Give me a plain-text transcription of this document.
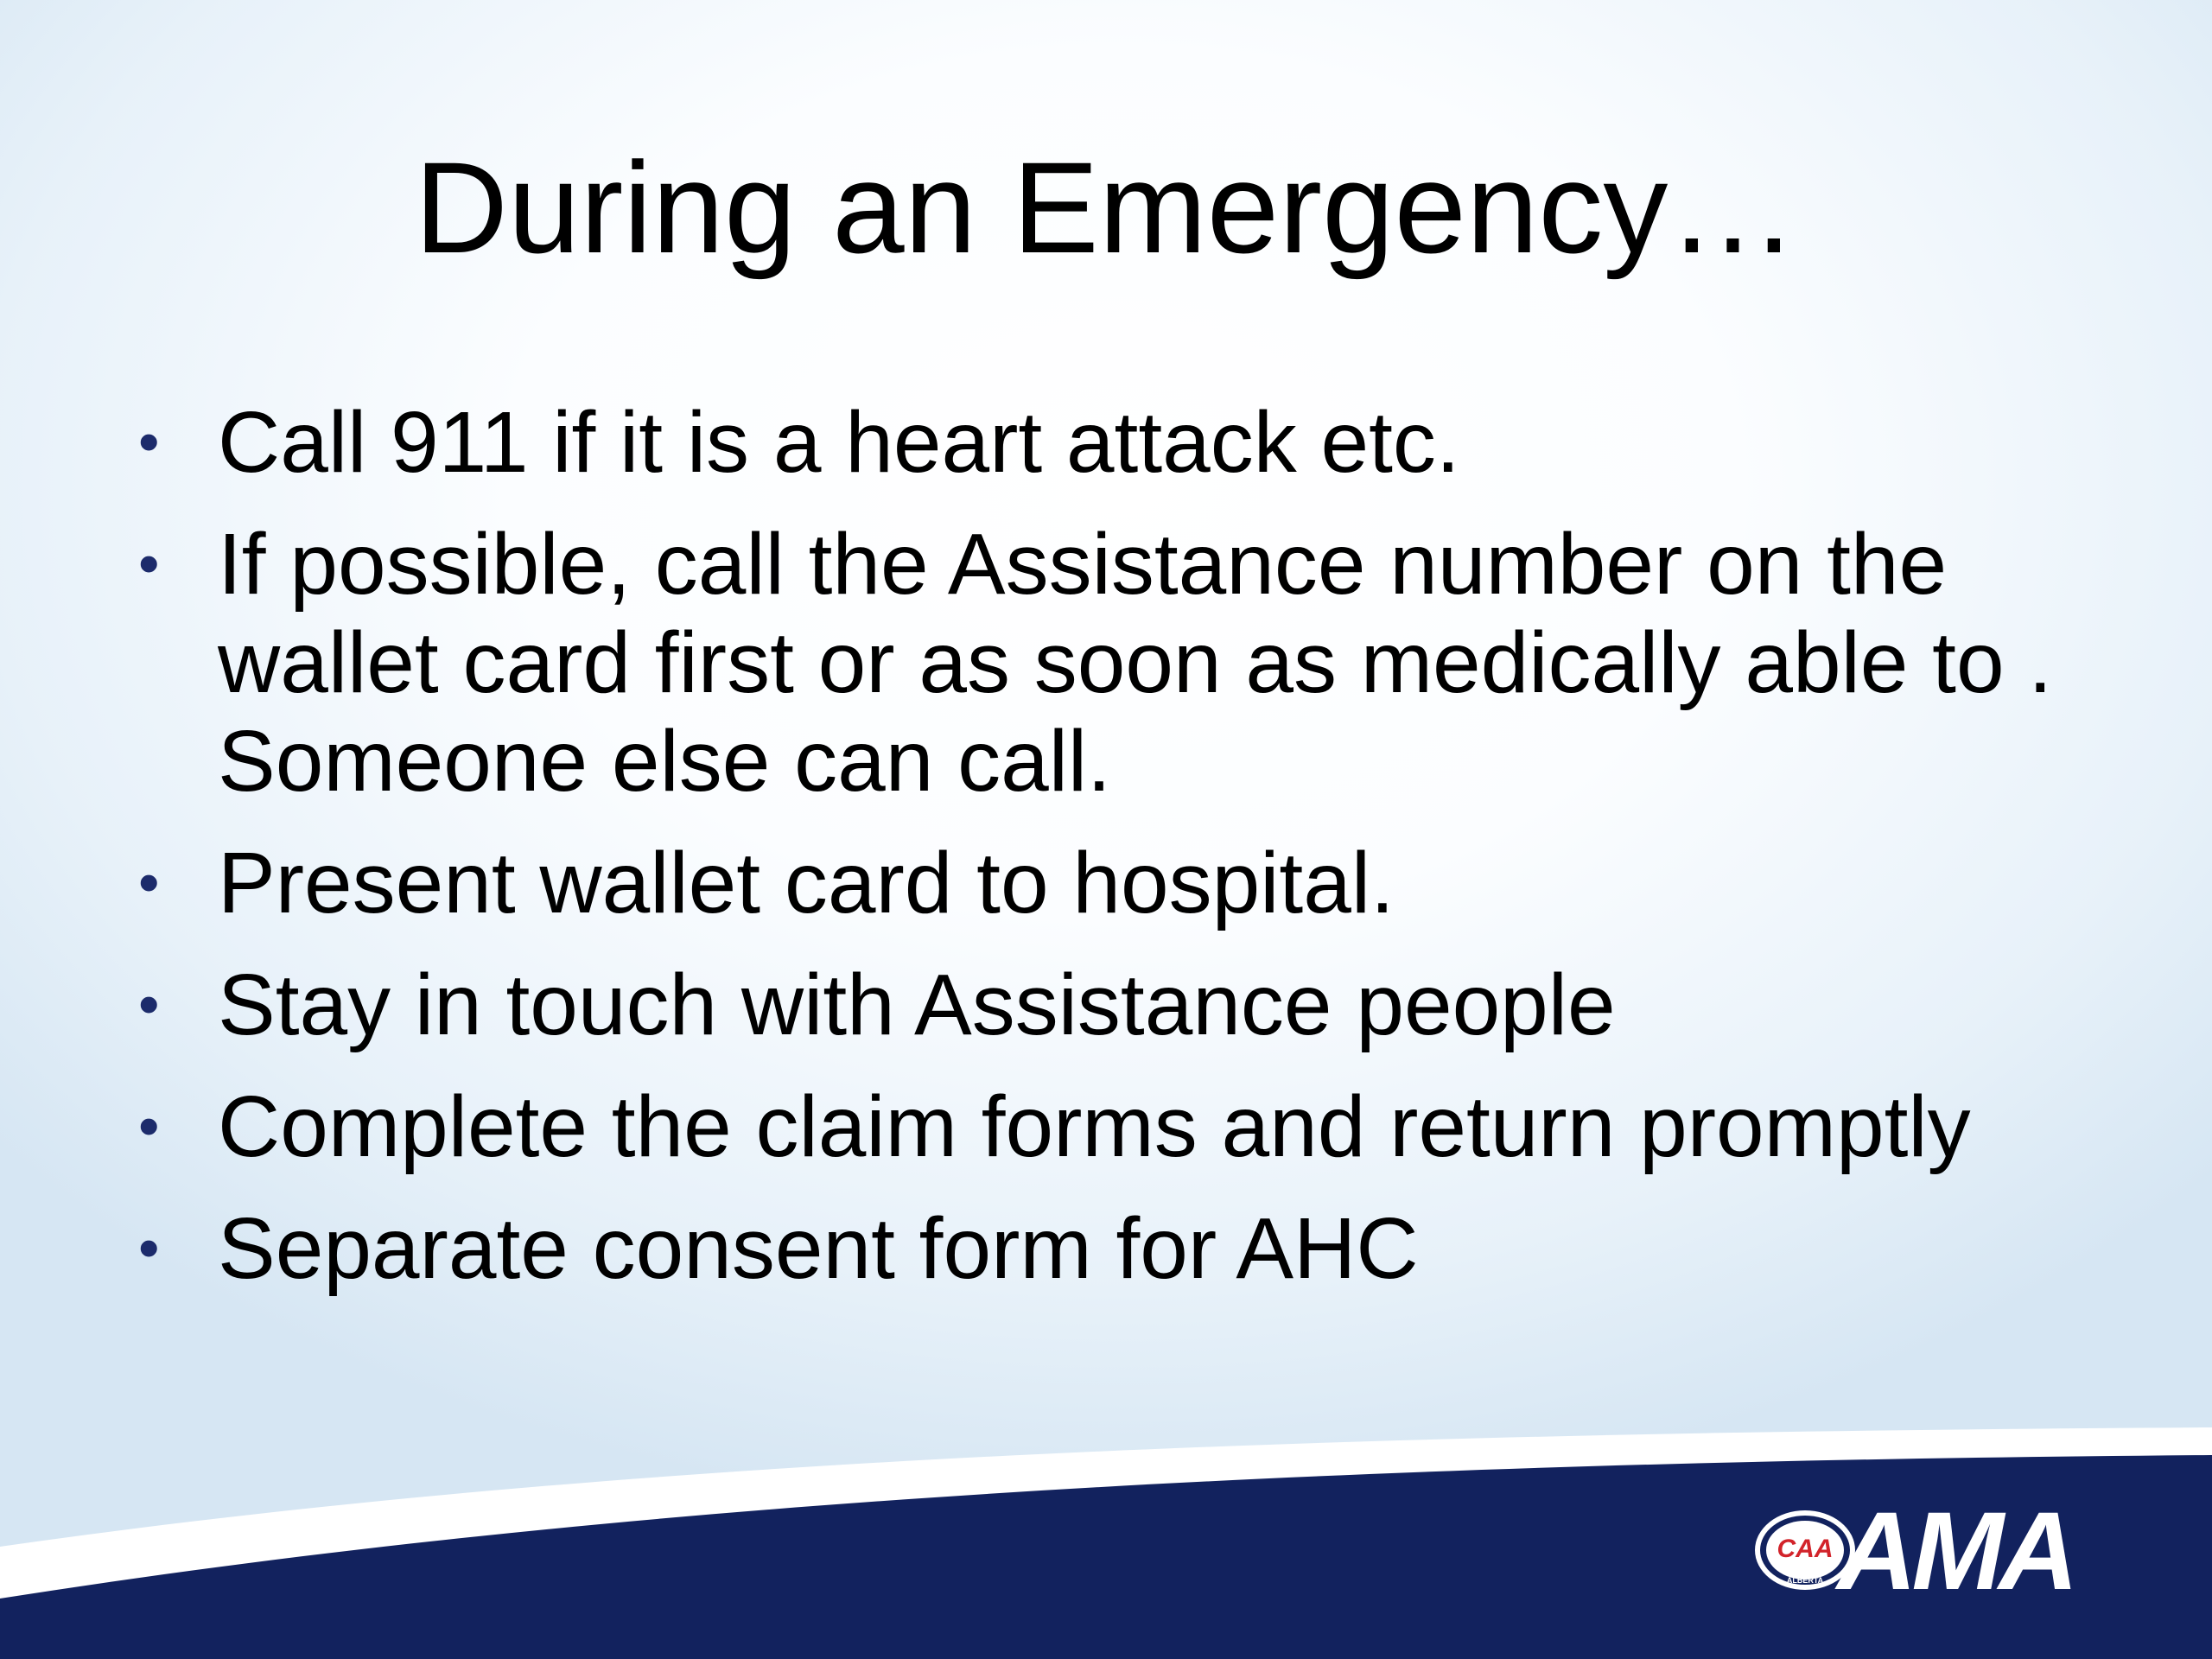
During an Emergency…
• Call 911 if it is a heart attack etc.
• If possible, call the Assistance number on the wallet card first or as soon as medically able to . Someone else can call.
• Present wallet card to hospital.
• Stay in touch with Assistance people
• Complete the claim forms and return promptly
• Separate consent form for AHC
CAA
ALBERTA AMA
